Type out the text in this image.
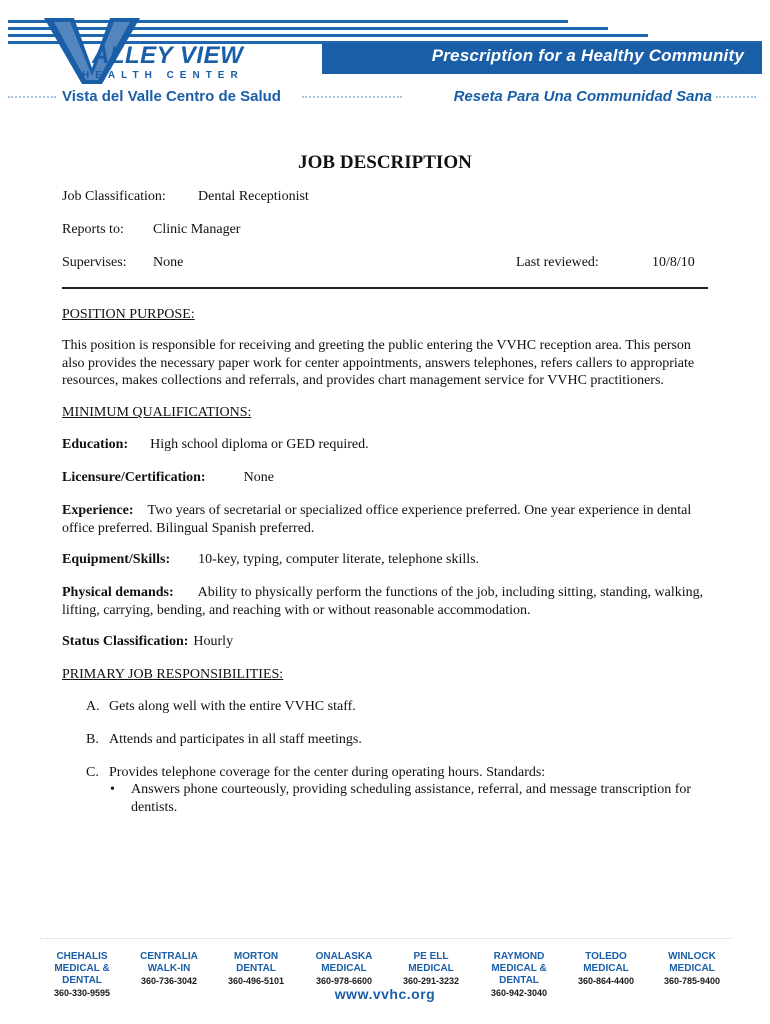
Prescription for a Healthy Community
ALLEY VIEW
HEALTH CENTER
Vista del Valle Centro de Salud	Reseta Para Una Communidad Sana
JOB DESCRIPTION
Job Classification: Dental Receptionist
Reports to: Clinic Manager
Supervises: None	Last reviewed:	10/8/10
POSITION PURPOSE:
This position is responsible for receiving and greeting the public entering the VVHC reception area. This person also provides the necessary paper work for center appointments, answers telephones, refers callers to appropriate resources, makes collections and referrals, and provides chart management service for VVHC practitioners.
MINIMUM QUALIFICATIONS:
Education: High school diploma or GED required.
Licensure/Certification:	None
Experience: Two years of secretarial or specialized office experience preferred. One year experience in dental office preferred. Bilingual Spanish preferred.
Equipment/Skills: 10-key, typing, computer literate, telephone skills.
Physical demands: Ability to physically perform the functions of the job, including sitting, standing, walking, lifting, carrying, bending, and reaching with or without reasonable accommodation.
Status Classification: Hourly
PRIMARY JOB RESPONSIBILITIES:
A. Gets along well with the entire VVHC staff.
B. Attends and participates in all staff meetings.
C. Provides telephone coverage for the center during operating hours. Standards:
• Answers phone courteously, providing scheduling assistance, referral, and message transcription for dentists.
CHEHALIS MEDICAL & DENTAL
360-330-9595
CENTRALIA WALK-IN
360-736-3042
MORTON DENTAL
360-496-5101
ONALASKA MEDICAL
360-978-6600
PE ELL MEDICAL
360-291-3232
RAYMOND MEDICAL & DENTAL
360-942-3040
TOLEDO MEDICAL
360-864-4400
WINLOCK MEDICAL
360-785-9400
www.vvhc.org
